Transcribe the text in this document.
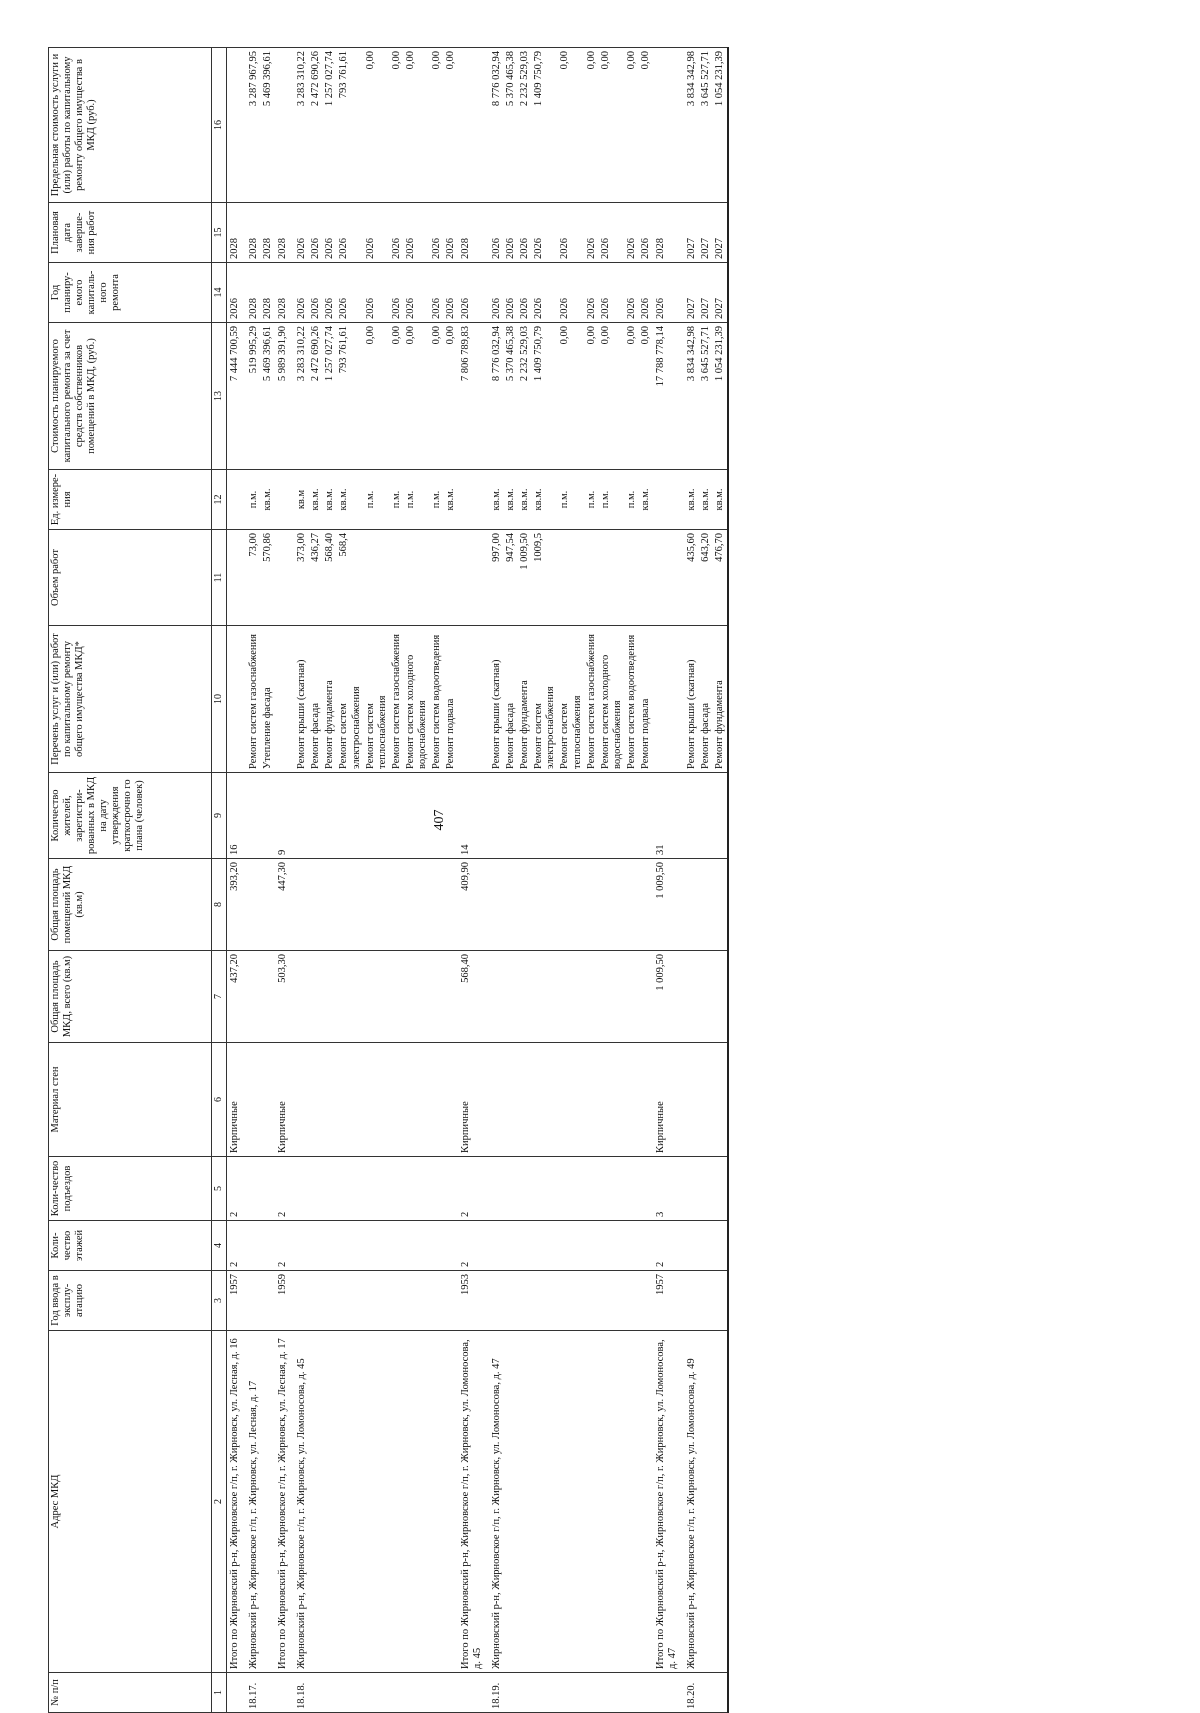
407
№ п/п	Адрес МКД	Год ввода в эксплу-атацию	Коли-чество этажей	Коли-чество подъездов	Материал стен	Общая площадь МКД, всего (кв.м)	Общая площадь помещений МКД (кв.м)	Количество жителей, зарегистри-рованных в МКД на дату утверждения краткосрочно го плана (человек)	Перечень услуг и (или) работ по капитальному ремонту общего имущества МКД*	Объем работ	Ед. измере-ния	Стоимость планируемого капитального ремонта за счет средств собственников помещений в МКД, (руб.)	Год планиру-емого капиталь-ного ремонта	Плановая дата заверше-ния работ	Предельная стоимость услуги и (или) работы по капитальному ремонту общего имущества в МКД (руб.)
1	2	3	4	5	6	7	8	9	10	11	12	13	14	15	16
	Итого по Жирновский р-н, Жирновское г/п, г. Жирновск, ул. Лесная, д. 16	1957	2	2	Кирпичные	437,20	393,20	16				7 444 700,59	2026	2028	
18.17.	Жирновский р-н, Жирновское г/п, г. Жирновск, ул. Лесная, д. 17								Ремонт систем газоснабжения	73,00	п.м.	519 995,29	2028	2028	3 287 967,95
									Утепление фасада	570,86	кв.м.	5 469 396,61	2028	2028	5 469 396,61
	Итого по Жирновский р-н, Жирновское г/п, г. Жирновск, ул. Лесная, д. 17	1959	2	2	Кирпичные	503,30	447,30	9				5 989 391,90	2028	2028	
18.18.	Жирновский р-н, Жирновское г/п, г. Жирновск, ул. Ломоносова, д. 45								Ремонт крыши (скатная)	373,00	кв.м	3 283 310,22	2026	2026	3 283 310,22
									Ремонт фасада	436,27	кв.м.	2 472 690,26	2026	2026	2 472 690,26
									Ремонт фундамента	568,40	кв.м.	1 257 027,74	2026	2026	1 257 027,74
									Ремонт систем электроснабжения	568,4	кв.м.	793 761,61	2026	2026	793 761,61
									Ремонт систем теплоснабжения		п.м.	0,00	2026	2026	0,00
									Ремонт систем газоснабжения		п.м.	0,00	2026	2026	0,00
									Ремонт систем холодного водоснабжения		п.м.	0,00	2026	2026	0,00
									Ремонт систем водоотведения		п.м.	0,00	2026	2026	0,00
									Ремонт подвала		кв.м.	0,00	2026	2026	0,00
	Итого по Жирновский р-н, Жирновское г/п, г. Жирновск, ул. Ломоносова, д. 45	1953	2	2	Кирпичные	568,40	409,90	14				7 806 789,83	2026	2028	
18.19.	Жирновский р-н, Жирновское г/п, г. Жирновск, ул. Ломоносова, д. 47								Ремонт крыши (скатная)	997,00	кв.м.	8 776 032,94	2026	2026	8 776 032,94
									Ремонт фасада	947,54	кв.м.	5 370 465,38	2026	2026	5 370 465,38
									Ремонт фундамента	1 009,50	кв.м.	2 232 529,03	2026	2026	2 232 529,03
									Ремонт систем электроснабжения	1009,5	кв.м.	1 409 750,79	2026	2026	1 409 750,79
									Ремонт систем теплоснабжения		п.м.	0,00	2026	2026	0,00
									Ремонт систем газоснабжения		п.м.	0,00	2026	2026	0,00
									Ремонт систем холодного водоснабжения		п.м.	0,00	2026	2026	0,00
									Ремонт систем водоотведения		п.м.	0,00	2026	2026	0,00
									Ремонт подвала		кв.м.	0,00	2026	2026	0,00
	Итого по Жирновский р-н, Жирновское г/п, г. Жирновск, ул. Ломоносова, д. 47	1957	2	3	Кирпичные	1 009,50	1 009,50	31				17 788 778,14	2026	2028	
18.20.	Жирновский р-н, Жирновское г/п, г. Жирновск, ул. Ломоносова, д. 49								Ремонт крыши (скатная)	435,60	кв.м.	3 834 342,98	2027	2027	3 834 342,98
									Ремонт фасада	643,20	кв.м.	3 645 527,71	2027	2027	3 645 527,71
									Ремонт фундамента	476,70	кв.м.	1 054 231,39	2027	2027	1 054 231,39
